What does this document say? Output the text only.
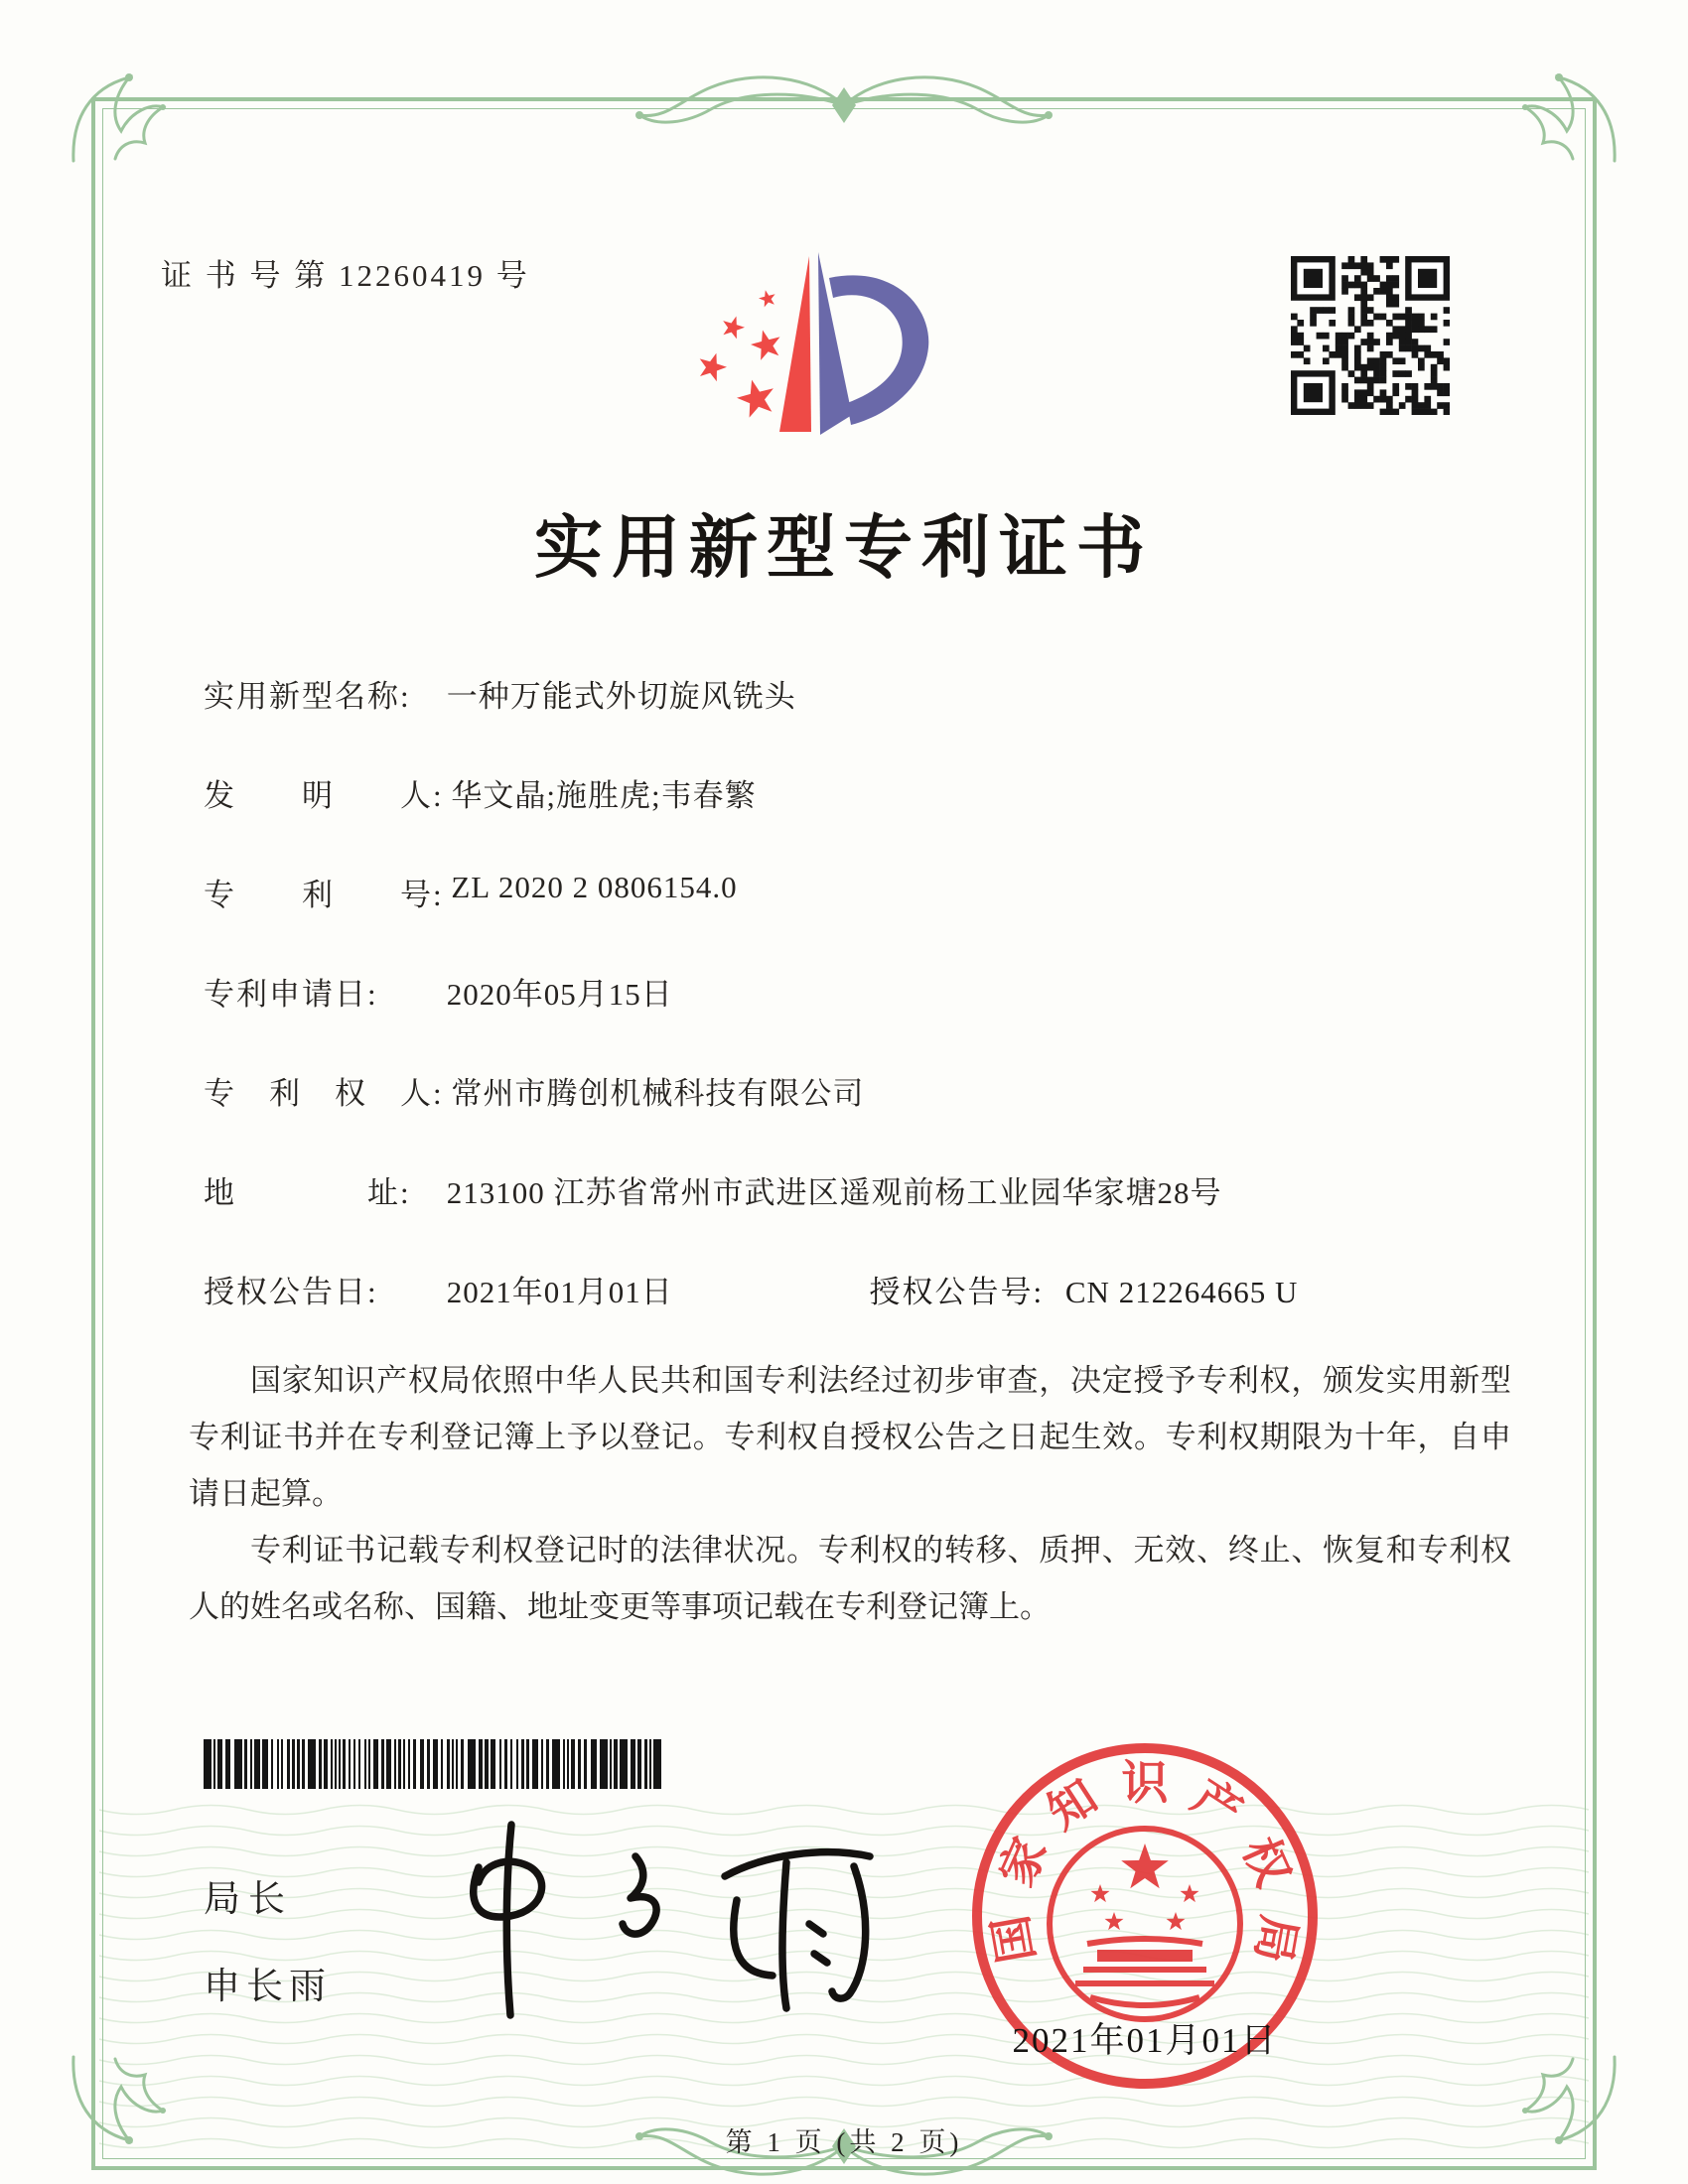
证 书 号 第 12260419 号
实用新型专利证书
实用新型名称: 一种万能式外切旋风铣头
发　　明　　人: 华文晶;施胜虎;韦春繁
专　　利　　号: ZL 2020 2 0806154.0
专利申请日: 2020年05月15日
专　利　权　人: 常州市腾创机械科技有限公司
地　　　　址: 213100 江苏省常州市武进区遥观前杨工业园华家塘28号
授权公告日: 2021年01月01日	授权公告号: CN 212264665 U

国家知识产权局依照中华人民共和国专利法经过初步审查，决定授予专利权，颁发实用新型专利证书并在专利登记簿上予以登记。专利权自授权公告之日起生效。专利权期限为十年，自申请日起算。

专利证书记载专利权登记时的法律状况。专利权的转移、质押、无效、终止、恢复和专利权人的姓名或名称、国籍、地址变更等事项记载在专利登记簿上。

局长
申长雨
国
家
知 识 产
权
局
2021年01月01日
第 1 页 (共 2 页)
